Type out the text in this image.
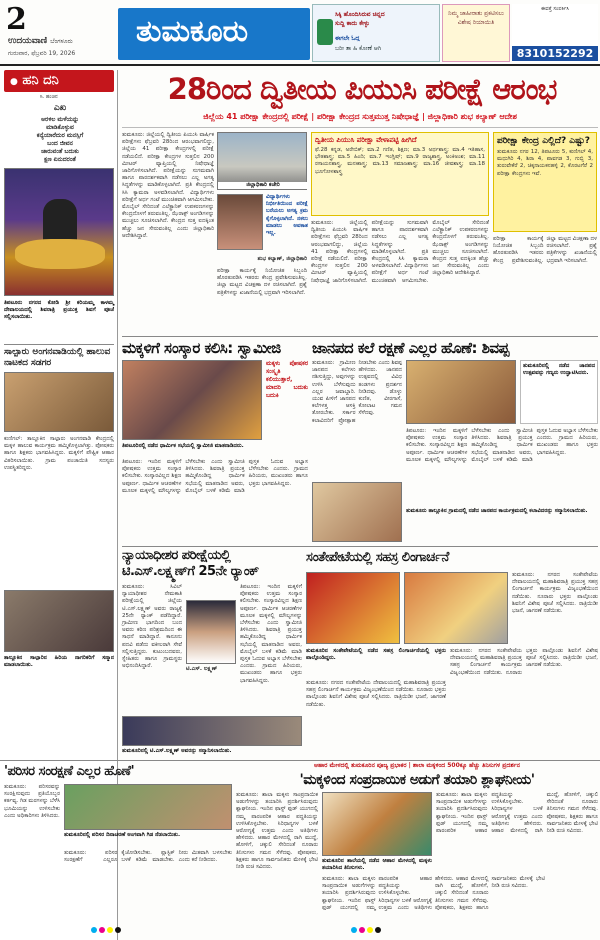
2
ಉದಯವಾಣಿ ಬೆಂಗಳೂರು
ಗುರುವಾರ, ಫೆಬ್ರವರಿ 19, 2026
ತುಮಕೂರು	ಸಿಕ್ಕಿ ಹೊಂದಿಸಿರುವ ಚಿನ್ನದ
ಸುದ್ದಿ ಕಾದು ಕೇಳ್ಳು
ಈಗಲೇ ಓದ್ಗ
ಬರೀ ತಾ ಹಿ ಕೋಣೆ ಆಗಿ
ನಿಮ್ಮ ಜಾಹೀರಾತು ಪ್ರಕಟಿಸಲು ವಿಶೇಷ ರಿಯಾಯಿತಿ
ಈವತ್ತೆ ಸಂಪರ್ಕಿಸಿ
8310152292
● ಹನಿ ದನಿ
ಸಿ. ಹಂಚಿನ
ಎಖ
ಅರಳಿಲ ಮಳೆಯನ್ನು
ಮಾಡಿಕೊಳ್ಳುವ
ಕನ್ಯೆಯಾರೆದುರ ಮನಸ್ಸಿಗೆ
ಬಂದ ಜೀವನ
ಜಾರುವಂತೆ ಬದುಕು
ಕ್ಷಣ ಏನುದರಂತೆ
ತಿಪಟೂರು ನಗರದ ಕೋಡಿ ಶ್ರೀ ಕರಿಯಮ್ಮ ಕಾಳಮ್ಮ ದೇವಾಲಯದಲ್ಲಿ ಶಿವರಾತ್ರಿ ಪ್ರಯುಕ್ತ ಶಿವಗೆ ಪೂಜೆ ಸಲ್ಲಿಸಲಾಯಿತು.
ಸಾಲ್ಪಾರು ಅಂಗನವಾಡಿಯಲ್ಲಿ ಹಾಲುವ ನಾಟಕದ ಸಡಗರ
ಕುಣಿಗಲ್: ತಾಲ್ಲೂಕಿನ ಸಾಲ್ಪಾರು ಅಂಗನವಾಡಿ ಕೇಂದ್ರದಲ್ಲಿ ಮಕ್ಕಳ ಹಾಲುವ ಕಾರ್ಯಕ್ರಮ ಹಮ್ಮಿಕೊಳ್ಳಲಾಗಿತ್ತು. ಪೋಷಕರು ಹಾಗೂ ಶಿಕ್ಷಕರು ಭಾಗವಹಿಸಿದ್ದರು. ಮಕ್ಕಳಿಗೆ ಪೌಷ್ಟಿಕ ಆಹಾರ ವಿತರಿಸಲಾಯಿತು. ಗ್ರಾಮ ಪಂಚಾಯಿತಿ ಸದಸ್ಯರು ಉಪಸ್ಥಿತರಿದ್ದರು.
ತಾಲ್ಲೂಕಿನ ಸಾಲ್ಪಾರಿನ ಹಿರಿಯ ನಾಗರಿಕರಿಗೆ ಸನ್ಮಾನ ಮಾಡಲಾಯಿತು.
28ರಿಂದ ದ್ವಿತೀಯ ಪಿಯುಸಿ ಪರೀಕ್ಷೆ ಆರಂಭ
ಜಿಲ್ಲೆಯ 41 ಪರೀಕ್ಷಾ ಕೇಂದ್ರದಲ್ಲಿ ಪರೀಕ್ಷೆ | ಪರೀಕ್ಷಾ ಕೇಂದ್ರದ ಸುತ್ತಮುತ್ತ ನಿಷೇಧಾಜ್ಞೆ | ಜಿಲ್ಲಾಧಿಕಾರಿ ಶುಭ ಕಲ್ಯಾಣ್ ಆದೇಶ
ತುಮಕೂರು: ಜಿಲ್ಲೆಯಲ್ಲಿ ದ್ವಿತೀಯ ಪಿಯುಸಿ ವಾರ್ಷಿಕ ಪರೀಕ್ಷೆಗಳು ಫೆಬ್ರವರಿ 28ರಿಂದ ಆರಂಭವಾಗಲಿದ್ದು, ಜಿಲ್ಲೆಯ 41 ಪರೀಕ್ಷಾ ಕೇಂದ್ರಗಳಲ್ಲಿ ಪರೀಕ್ಷೆ ನಡೆಯಲಿದೆ. ಪರೀಕ್ಷಾ ಕೇಂದ್ರಗಳ ಸುತ್ತಲಿನ 200 ಮೀಟರ್ ವ್ಯಾಪ್ತಿಯಲ್ಲಿ ನಿಷೇಧಾಜ್ಞೆ ಜಾರಿಗೊಳಿಸಲಾಗಿದೆ. ಪರೀಕ್ಷೆಯನ್ನು ಸುಗಮವಾಗಿ ಹಾಗೂ ಪಾರದರ್ಶಕವಾಗಿ ನಡೆಸಲು ಎಲ್ಲ ಅಗತ್ಯ ಸಿದ್ಧತೆಗಳನ್ನು ಮಾಡಿಕೊಳ್ಳಲಾಗಿದೆ. ಪ್ರತಿ ಕೇಂದ್ರದಲ್ಲಿ ಸಿಸಿ ಕ್ಯಾಮರಾ ಅಳವಡಿಸಲಾಗಿದೆ. ವಿದ್ಯಾರ್ಥಿಗಳು ಪರೀಕ್ಷೆಗೆ ಅರ್ಧ ಗಂಟೆ ಮುಂಚಿತವಾಗಿ ಆಗಮಿಸಬೇಕು. ಮೊಬೈಲ್ ಸೇರಿದಂತೆ ಎಲೆಕ್ಟ್ರಾನಿಕ್ ಉಪಕರಣಗಳನ್ನು ಕೇಂದ್ರದೊಳಗೆ ತರುವಂತಿಲ್ಲ. ಝೆರಾಕ್ಸ್ ಅಂಗಡಿಗಳನ್ನು ಮುಚ್ಚಲು ಸೂಚಿಸಲಾಗಿದೆ. ಕೇಂದ್ರದ ಸುತ್ತ ಐದಕ್ಕಿಂತ ಹೆಚ್ಚು ಜನ ಸೇರುವಂತಿಲ್ಲ ಎಂದು ಜಿಲ್ಲಾಧಿಕಾರಿ ಆದೇಶಿಸಿದ್ದಾರೆ.
ಜಿಲ್ಲಾಧಿಕಾರಿ ಕಚೇರಿ
ವಿದ್ಯಾರ್ಥಿಗಳು ನಿರ್ಭೀತಿಯಿಂದ ಪರೀಕ್ಷೆ ಬರೆಯಲು ಅಗತ್ಯ ಕ್ರಮ ಕೈಗೊಳ್ಳಲಾಗಿದೆ. ನಕಲು ಮಾಡಲು ಅವಕಾಶ ಇಲ್ಲ.
ಶುಭ ಕಲ್ಯಾಣ್, ಜಿಲ್ಲಾಧಿಕಾರಿ
ಪರೀಕ್ಷಾ ಕಾರ್ಯಕ್ಕೆ ನಿಯೋಜಿತ ಸಿಬ್ಬಂದಿ ಹೊರತುಪಡಿಸಿ ಇತರರು ಕೇಂದ್ರ ಪ್ರವೇಶಿಸುವಂತಿಲ್ಲ. ಜಿಲ್ಲಾ ಮಟ್ಟದ ವಿಚಕ್ಷಣಾ ದಳ ರಚಿಸಲಾಗಿದೆ. ಪ್ರಶ್ನೆ ಪತ್ರಿಕೆಗಳನ್ನು ಖಜಾನೆಯಲ್ಲಿ ಭದ್ರವಾಗಿ ಇರಿಸಲಾಗಿದೆ.
ದ್ವಿತೀಯ ಪಿಯುಸಿ ಪರೀಕ್ಷಾ ವೇಳಾಪಟ್ಟಿ ಹೀಗಿದೆ
ಫೆ.28 ಕನ್ನಡ, ಅರೇಬಿಕ್; ಮಾ.2 ಗಣಿತ, ಶಿಕ್ಷಣ; ಮಾ.3 ಅರ್ಥಶಾಸ್ತ್ರ; ಮಾ.4 ಇತಿಹಾಸ, ಭೌತಶಾಸ್ತ್ರ; ಮಾ.5 ಹಿಂದಿ; ಮಾ.7 ಇಂಗ್ಲಿಷ್; ಮಾ.9 ರಾಜ್ಯಶಾಸ್ತ್ರ, ಅಂಕಿಅಂಶ; ಮಾ.11 ರಸಾಯನಶಾಸ್ತ್ರ, ಮನಃಶಾಸ್ತ್ರ; ಮಾ.13 ಸಮಾಜಶಾಸ್ತ್ರ; ಮಾ.16 ಜೀವಶಾಸ್ತ್ರ; ಮಾ.18 ಭೂಗೋಳಶಾಸ್ತ್ರ
ಪರೀಕ್ಷಾ ಕೇಂದ್ರ ಎಲ್ಲಿದೆ? ಎಷ್ಟು?
ತುಮಕೂರು ನಗರ 12, ತಿಪಟೂರು 5, ಕುಣಿಗಲ್ 4, ಮಧುಗಿರಿ 4, ಶಿರಾ 4, ಪಾವಗಡ 3, ಗುಬ್ಬಿ 3, ತುರುವೇಕೆರೆ 2, ಚಿಕ್ಕನಾಯಕನಹಳ್ಳಿ 2, ಕೊರಟಗೆರೆ 2 ಪರೀಕ್ಷಾ ಕೇಂದ್ರಗಳು ಇವೆ.
ತುಮಕೂರು: ಜಿಲ್ಲೆಯಲ್ಲಿ ದ್ವಿತೀಯ ಪಿಯುಸಿ ವಾರ್ಷಿಕ ಪರೀಕ್ಷೆಗಳು ಫೆಬ್ರವರಿ 28ರಿಂದ ಆರಂಭವಾಗಲಿದ್ದು, ಜಿಲ್ಲೆಯ 41 ಪರೀಕ್ಷಾ ಕೇಂದ್ರಗಳಲ್ಲಿ ಪರೀಕ್ಷೆ ನಡೆಯಲಿದೆ. ಪರೀಕ್ಷಾ ಕೇಂದ್ರಗಳ ಸುತ್ತಲಿನ 200 ಮೀಟರ್ ವ್ಯಾಪ್ತಿಯಲ್ಲಿ ನಿಷೇಧಾಜ್ಞೆ ಜಾರಿಗೊಳಿಸಲಾಗಿದೆ. ಪರೀಕ್ಷೆಯನ್ನು ಸುಗಮವಾಗಿ ಹಾಗೂ ಪಾರದರ್ಶಕವಾಗಿ ನಡೆಸಲು ಎಲ್ಲ ಅಗತ್ಯ ಸಿದ್ಧತೆಗಳನ್ನು ಮಾಡಿಕೊಳ್ಳಲಾಗಿದೆ. ಪ್ರತಿ ಕೇಂದ್ರದಲ್ಲಿ ಸಿಸಿ ಕ್ಯಾಮರಾ ಅಳವಡಿಸಲಾಗಿದೆ. ವಿದ್ಯಾರ್ಥಿಗಳು ಪರೀಕ್ಷೆಗೆ ಅರ್ಧ ಗಂಟೆ ಮುಂಚಿತವಾಗಿ ಆಗಮಿಸಬೇಕು. ಮೊಬೈಲ್ ಸೇರಿದಂತೆ ಎಲೆಕ್ಟ್ರಾನಿಕ್ ಉಪಕರಣಗಳನ್ನು ಕೇಂದ್ರದೊಳಗೆ ತರುವಂತಿಲ್ಲ. ಝೆರಾಕ್ಸ್ ಅಂಗಡಿಗಳನ್ನು ಮುಚ್ಚಲು ಸೂಚಿಸಲಾಗಿದೆ. ಕೇಂದ್ರದ ಸುತ್ತ ಐದಕ್ಕಿಂತ ಹೆಚ್ಚು ಜನ ಸೇರುವಂತಿಲ್ಲ ಎಂದು ಜಿಲ್ಲಾಧಿಕಾರಿ ಆದೇಶಿಸಿದ್ದಾರೆ.
ಪರೀಕ್ಷಾ ಕಾರ್ಯಕ್ಕೆ ನಿಯೋಜಿತ ಸಿಬ್ಬಂದಿ ಹೊರತುಪಡಿಸಿ ಇತರರು ಕೇಂದ್ರ ಪ್ರವೇಶಿಸುವಂತಿಲ್ಲ. ಜಿಲ್ಲಾ ಮಟ್ಟದ ವಿಚಕ್ಷಣಾ ದಳ ರಚಿಸಲಾಗಿದೆ. ಪ್ರಶ್ನೆ ಪತ್ರಿಕೆಗಳನ್ನು ಖಜಾನೆಯಲ್ಲಿ ಭದ್ರವಾಗಿ ಇರಿಸಲಾಗಿದೆ.
ಮಕ್ಕಳಿಗೆ ಸಂಸ್ಕಾರ ಕಲಿಸಿ: ಸ್ವಾಮೀಜಿ
ಮಕ್ಕಳು ಪೋಷಕರ ಸಂಸ್ಕೃತಿ ಕಲಿಯುತ್ತಾರೆ, ಮಾದರಿ ಬದುಕು ಬದುಕಿ
ತಿಪಟೂರಿನಲ್ಲಿ ನಡೆದ ಧಾರ್ಮಿಕ ಸಭೆಯಲ್ಲಿ ಸ್ವಾಮೀಜಿ ಮಾತನಾಡಿದರು.
ತಿಪಟೂರು: ಇಂದಿನ ಮಕ್ಕಳಿಗೆ ಪೋಷಕರು ಉತ್ತಮ ಸಂಸ್ಕಾರ ಕಲಿಸಬೇಕು. ಸಂಸ್ಕಾರವಿಲ್ಲದ ಶಿಕ್ಷಣ ಅಪೂರ್ಣ. ಧಾರ್ಮಿಕ ಆಚರಣೆಗಳ ಮೂಲಕ ಮಕ್ಕಳಲ್ಲಿ ಮೌಲ್ಯಗಳನ್ನು ಬೆಳೆಸಬೇಕು ಎಂದು ಸ್ವಾಮೀಜಿ ತಿಳಿಸಿದರು. ಶಿವರಾತ್ರಿ ಪ್ರಯುಕ್ತ ಹಮ್ಮಿಕೊಂಡಿದ್ದ ಧಾರ್ಮಿಕ ಸಭೆಯಲ್ಲಿ ಮಾತನಾಡಿದ ಅವರು, ಮೊಬೈಲ್ ಬಳಕೆ ಕಡಿಮೆ ಮಾಡಿ ಪುಸ್ತಕ ಓದುವ ಅಭ್ಯಾಸ ಬೆಳೆಸಬೇಕು ಎಂದರು. ಗ್ರಾಮದ ಹಿರಿಯರು, ಮುಖಂಡರು ಹಾಗೂ ಭಕ್ತರು ಭಾಗವಹಿಸಿದ್ದರು.
ಜಾನಪದ ಕಲೆ ರಕ್ಷಣೆ ಎಲ್ಲರ ಹೊಣೆ: ಶಿವಪ್ಪ
ತುಮಕೂರು: ಗ್ರಾಮೀಣ ಜಾನಪದ ಕಲೆಗಳು ನಶಿಸುತ್ತಿದ್ದು, ಅವುಗಳನ್ನು ಉಳಿಸಿ ಬೆಳೆಸುವುದು ಎಲ್ಲರ ಜವಾಬ್ದಾರಿ. ಯುವ ಪೀಳಿಗೆ ಜಾನಪದ ಕಲೆಗಳತ್ತ ಆಸಕ್ತಿ ತೋರಬೇಕು. ಸರ್ಕಾರ ಕಲಾವಿದರಿಗೆ ಪ್ರೋತ್ಸಾಹ ನೀಡಬೇಕು ಎಂದು ಶಿವಪ್ಪ ಹೇಳಿದರು. ಜಾನಪದ ಉತ್ಸವದಲ್ಲಿ ವಿವಿಧ ತಂಡಗಳು ಪ್ರದರ್ಶನ ನೀಡಿದವು. ಡೊಳ್ಳು ಕುಣಿತ, ವೀರಗಾಸೆ, ಕೋಲಾಟ ಗಮನ ಸೆಳೆದವು.
ತುಮಕೂರಿನಲ್ಲಿ ನಡೆದ ಜಾನಪದ ಉತ್ಸವವನ್ನು ಗಣ್ಯರು ಉದ್ಘಾಟಿಸಿದರು.
ತಿಪಟೂರು: ಇಂದಿನ ಮಕ್ಕಳಿಗೆ ಪೋಷಕರು ಉತ್ತಮ ಸಂಸ್ಕಾರ ಕಲಿಸಬೇಕು. ಸಂಸ್ಕಾರವಿಲ್ಲದ ಶಿಕ್ಷಣ ಅಪೂರ್ಣ. ಧಾರ್ಮಿಕ ಆಚರಣೆಗಳ ಮೂಲಕ ಮಕ್ಕಳಲ್ಲಿ ಮೌಲ್ಯಗಳನ್ನು ಬೆಳೆಸಬೇಕು ಎಂದು ಸ್ವಾಮೀಜಿ ತಿಳಿಸಿದರು. ಶಿವರಾತ್ರಿ ಪ್ರಯುಕ್ತ ಹಮ್ಮಿಕೊಂಡಿದ್ದ ಧಾರ್ಮಿಕ ಸಭೆಯಲ್ಲಿ ಮಾತನಾಡಿದ ಅವರು, ಮೊಬೈಲ್ ಬಳಕೆ ಕಡಿಮೆ ಮಾಡಿ ಪುಸ್ತಕ ಓದುವ ಅಭ್ಯಾಸ ಬೆಳೆಸಬೇಕು ಎಂದರು. ಗ್ರಾಮದ ಹಿರಿಯರು, ಮುಖಂಡರು ಹಾಗೂ ಭಕ್ತರು ಭಾಗವಹಿಸಿದ್ದರು.
ತುಮಕೂರು ತಾಲ್ಲೂಕಿನ ಗ್ರಾಮದಲ್ಲಿ ನಡೆದ ಜಾನಪದ ಕಾರ್ಯಕ್ರಮದಲ್ಲಿ ಕಲಾವಿದರನ್ನು ಸನ್ಮಾನಿಸಲಾಯಿತು.
ನ್ಯಾಯಾಧೀಶರ ಪರೀಕ್ಷೆಯಲ್ಲಿ ಟಿ.ಎಸ್.ಲಕ್ಷ್ಮಣ್‌ಗೆ 25ನೇ ರ‍್ಯಾಂಕ್
ತುಮಕೂರು: ಸಿವಿಲ್ ನ್ಯಾಯಾಧೀಶರ ನೇಮಕಾತಿ ಪರೀಕ್ಷೆಯಲ್ಲಿ ಜಿಲ್ಲೆಯ ಟಿ.ಎಸ್.ಲಕ್ಷ್ಮಣ್ ಅವರು ರಾಜ್ಯಕ್ಕೆ 25ನೇ ರ‍್ಯಾಂಕ್ ಪಡೆದಿದ್ದಾರೆ. ಗ್ರಾಮೀಣ ಭಾಗದಿಂದ ಬಂದ ಅವರು ಕಠಿಣ ಪರಿಶ್ರಮದಿಂದ ಈ ಸಾಧನೆ ಮಾಡಿದ್ದಾರೆ. ಕಾನೂನು ಪದವಿ ಪಡೆದು ವಕೀಲರಾಗಿ ಸೇವೆ ಸಲ್ಲಿಸುತ್ತಿದ್ದರು. ಕುಟುಂಬದವರು, ಸ್ನೇಹಿತರು ಹಾಗೂ ಗ್ರಾಮಸ್ಥರು ಅಭಿನಂದಿಸಿದ್ದಾರೆ.	ಟಿ.ಎಸ್. ಲಕ್ಷ್ಮಣ್
ತಿಪಟೂರು: ಇಂದಿನ ಮಕ್ಕಳಿಗೆ ಪೋಷಕರು ಉತ್ತಮ ಸಂಸ್ಕಾರ ಕಲಿಸಬೇಕು. ಸಂಸ್ಕಾರವಿಲ್ಲದ ಶಿಕ್ಷಣ ಅಪೂರ್ಣ. ಧಾರ್ಮಿಕ ಆಚರಣೆಗಳ ಮೂಲಕ ಮಕ್ಕಳಲ್ಲಿ ಮೌಲ್ಯಗಳನ್ನು ಬೆಳೆಸಬೇಕು ಎಂದು ಸ್ವಾಮೀಜಿ ತಿಳಿಸಿದರು. ಶಿವರಾತ್ರಿ ಪ್ರಯುಕ್ತ ಹಮ್ಮಿಕೊಂಡಿದ್ದ ಧಾರ್ಮಿಕ ಸಭೆಯಲ್ಲಿ ಮಾತನಾಡಿದ ಅವರು, ಮೊಬೈಲ್ ಬಳಕೆ ಕಡಿಮೆ ಮಾಡಿ ಪುಸ್ತಕ ಓದುವ ಅಭ್ಯಾಸ ಬೆಳೆಸಬೇಕು ಎಂದರು. ಗ್ರಾಮದ ಹಿರಿಯರು, ಮುಖಂಡರು ಹಾಗೂ ಭಕ್ತರು ಭಾಗವಹಿಸಿದ್ದರು.
ಸಂತೇಪೇಟೆಯಲ್ಲಿ ಸಹಸ್ರ ಲಿಂಗಾರ್ಚನೆ
ತುಮಕೂರು: ನಗರದ ಸಂತೇಪೇಟೆಯ ದೇವಾಲಯದಲ್ಲಿ ಮಹಾಶಿವರಾತ್ರಿ ಪ್ರಯುಕ್ತ ಸಹಸ್ರ ಲಿಂಗಾರ್ಚನೆ ಕಾರ್ಯಕ್ರಮ ವಿಜೃಂಭಣೆಯಿಂದ ನಡೆಯಿತು. ನೂರಾರು ಭಕ್ತರು ಪಾಲ್ಗೊಂಡು ಶಿವನಿಗೆ ವಿಶೇಷ ಪೂಜೆ ಸಲ್ಲಿಸಿದರು. ರಾತ್ರಿಯಿಡೀ ಭಜನೆ, ಜಾಗರಣೆ ನಡೆಯಿತು.
ತುಮಕೂರಿನ ಸಂತೇಪೇಟೆಯಲ್ಲಿ ನಡೆದ ಸಹಸ್ರ ಲಿಂಗಾರ್ಚನೆಯಲ್ಲಿ ಭಕ್ತರು ಪಾಲ್ಗೊಂಡಿದ್ದರು.
ತುಮಕೂರು: ನಗರದ ಸಂತೇಪೇಟೆಯ ದೇವಾಲಯದಲ್ಲಿ ಮಹಾಶಿವರಾತ್ರಿ ಪ್ರಯುಕ್ತ ಸಹಸ್ರ ಲಿಂಗಾರ್ಚನೆ ಕಾರ್ಯಕ್ರಮ ವಿಜೃಂಭಣೆಯಿಂದ ನಡೆಯಿತು. ನೂರಾರು ಭಕ್ತರು ಪಾಲ್ಗೊಂಡು ಶಿವನಿಗೆ ವಿಶೇಷ ಪೂಜೆ ಸಲ್ಲಿಸಿದರು. ರಾತ್ರಿಯಿಡೀ ಭಜನೆ, ಜಾಗರಣೆ ನಡೆಯಿತು.
ತುಮಕೂರು: ನಗರದ ಸಂತೇಪೇಟೆಯ ದೇವಾಲಯದಲ್ಲಿ ಮಹಾಶಿವರಾತ್ರಿ ಪ್ರಯುಕ್ತ ಸಹಸ್ರ ಲಿಂಗಾರ್ಚನೆ ಕಾರ್ಯಕ್ರಮ ವಿಜೃಂಭಣೆಯಿಂದ ನಡೆಯಿತು. ನೂರಾರು ಭಕ್ತರು ಪಾಲ್ಗೊಂಡು ಶಿವನಿಗೆ ವಿಶೇಷ ಪೂಜೆ ಸಲ್ಲಿಸಿದರು. ರಾತ್ರಿಯಿಡೀ ಭಜನೆ, ಜಾಗರಣೆ ನಡೆಯಿತು.
ತುಮಕೂರಿನಲ್ಲಿ ಟಿ.ಎಸ್.ಲಕ್ಷ್ಮಣ್ ಅವರನ್ನು ಸನ್ಮಾನಿಸಲಾಯಿತು.
ಆಹಾರ ಮೇಳದಲ್ಲಿ ತುಮಕೂರಿನ ಪೂಜ್ಯ ಪ್ರಭಾಕರ | ಶಾಲಾ ಮಕ್ಕಳಿಂದ 500ಕ್ಕೂ ಹೆಚ್ಚು ತಿನಿಸುಗಳ ಪ್ರದರ್ಶನ
'ಮಕ್ಕಳಿಂದ ಸಂಪ್ರದಾಯಿಕ ಅಡುಗೆ ತಯಾರಿ ಶ್ಲಾಘನೀಯ'
ತುಮಕೂರು: ಶಾಲಾ ಮಕ್ಕಳು ಸಾಂಪ್ರದಾಯಿಕ ಅಡುಗೆಗಳನ್ನು ತಯಾರಿಸಿ ಪ್ರದರ್ಶಿಸಿರುವುದು ಶ್ಲಾಘನೀಯ. ಇಂದಿನ ಫಾಸ್ಟ್ ಫುಡ್ ಯುಗದಲ್ಲಿ ನಮ್ಮ ಪಾರಂಪರಿಕ ಆಹಾರ ಪದ್ಧತಿಯನ್ನು ಉಳಿಸಿಕೊಳ್ಳಬೇಕು. ಸಿರಿಧಾನ್ಯಗಳ ಬಳಕೆ ಆರೋಗ್ಯಕ್ಕೆ ಉತ್ತಮ ಎಂದು ಅತಿಥಿಗಳು ಹೇಳಿದರು. ಆಹಾರ ಮೇಳದಲ್ಲಿ ರಾಗಿ ಮುದ್ದೆ, ಹೋಳಿಗೆ, ಚಕ್ಕುಲಿ ಸೇರಿದಂತೆ ನೂರಾರು ತಿನಿಸುಗಳು ಗಮನ ಸೆಳೆದವು. ಪೋಷಕರು, ಶಿಕ್ಷಕರು ಹಾಗೂ ಸಾರ್ವಜನಿಕರು ಮೇಳಕ್ಕೆ ಭೇಟಿ ನೀಡಿ ರುಚಿ ಸವಿದರು.
ತುಮಕೂರಿನ ಶಾಲೆಯಲ್ಲಿ ನಡೆದ ಆಹಾರ ಮೇಳದಲ್ಲಿ ಮಕ್ಕಳು ತಯಾರಿಸಿದ ತಿನಿಸುಗಳು.
ತುಮಕೂರು: ಶಾಲಾ ಮಕ್ಕಳು ಸಾಂಪ್ರದಾಯಿಕ ಅಡುಗೆಗಳನ್ನು ತಯಾರಿಸಿ ಪ್ರದರ್ಶಿಸಿರುವುದು ಶ್ಲಾಘನೀಯ. ಇಂದಿನ ಫಾಸ್ಟ್ ಫುಡ್ ಯುಗದಲ್ಲಿ ನಮ್ಮ ಪಾರಂಪರಿಕ ಆಹಾರ ಪದ್ಧತಿಯನ್ನು ಉಳಿಸಿಕೊಳ್ಳಬೇಕು. ಸಿರಿಧಾನ್ಯಗಳ ಬಳಕೆ ಆರೋಗ್ಯಕ್ಕೆ ಉತ್ತಮ ಎಂದು ಅತಿಥಿಗಳು ಹೇಳಿದರು. ಆಹಾರ ಮೇಳದಲ್ಲಿ ರಾಗಿ ಮುದ್ದೆ, ಹೋಳಿಗೆ, ಚಕ್ಕುಲಿ ಸೇರಿದಂತೆ ನೂರಾರು ತಿನಿಸುಗಳು ಗಮನ ಸೆಳೆದವು. ಪೋಷಕರು, ಶಿಕ್ಷಕರು ಹಾಗೂ ಸಾರ್ವಜನಿಕರು ಮೇಳಕ್ಕೆ ಭೇಟಿ ನೀಡಿ ರುಚಿ ಸವಿದರು.
ತುಮಕೂರು: ಶಾಲಾ ಮಕ್ಕಳು ಸಾಂಪ್ರದಾಯಿಕ ಅಡುಗೆಗಳನ್ನು ತಯಾರಿಸಿ ಪ್ರದರ್ಶಿಸಿರುವುದು ಶ್ಲಾಘನೀಯ. ಇಂದಿನ ಫಾಸ್ಟ್ ಫುಡ್ ಯುಗದಲ್ಲಿ ನಮ್ಮ ಪಾರಂಪರಿಕ ಆಹಾರ ಪದ್ಧತಿಯನ್ನು ಉಳಿಸಿಕೊಳ್ಳಬೇಕು. ಸಿರಿಧಾನ್ಯಗಳ ಬಳಕೆ ಆರೋಗ್ಯಕ್ಕೆ ಉತ್ತಮ ಎಂದು ಅತಿಥಿಗಳು ಹೇಳಿದರು. ಆಹಾರ ಮೇಳದಲ್ಲಿ ರಾಗಿ ಮುದ್ದೆ, ಹೋಳಿಗೆ, ಚಕ್ಕುಲಿ ಸೇರಿದಂತೆ ನೂರಾರು ತಿನಿಸುಗಳು ಗಮನ ಸೆಳೆದವು. ಪೋಷಕರು, ಶಿಕ್ಷಕರು ಹಾಗೂ ಸಾರ್ವಜನಿಕರು ಮೇಳಕ್ಕೆ ಭೇಟಿ ನೀಡಿ ರುಚಿ ಸವಿದರು.
'ಪರಿಸರ ಸಂರಕ್ಷಣೆ ಎಲ್ಲರ ಹೊಣೆ'
ತುಮಕೂರು: ಪರಿಸರವನ್ನು ಸಂರಕ್ಷಿಸುವುದು ಪ್ರತಿಯೊಬ್ಬರ ಕರ್ತವ್ಯ. ಗಿಡ ಮರಗಳನ್ನು ಬೆಳೆಸಿ ಭೂಮಿಯನ್ನು ಉಳಿಸಬೇಕು ಎಂದು ಅಧಿಕಾರಿಗಳು ತಿಳಿಸಿದರು.
ತುಮಕೂರಿನಲ್ಲಿ ಪರಿಸರ ದಿನಾಚರಣೆ ಅಂಗವಾಗಿ ಗಿಡ ನೆಡಲಾಯಿತು.
ತುಮಕೂರು: ಪರಿಸರ ಸಂರಕ್ಷಣೆಗೆ ಎಲ್ಲರೂ ಕೈಜೋಡಿಸಬೇಕು. ಪ್ಲಾಸ್ಟಿಕ್ ಬಳಕೆ ಕಡಿಮೆ ಮಾಡಬೇಕು. ನೀರು ಮಿತವಾಗಿ ಬಳಸಬೇಕು ಎಂದು ಕರೆ ನೀಡಿದರು.
